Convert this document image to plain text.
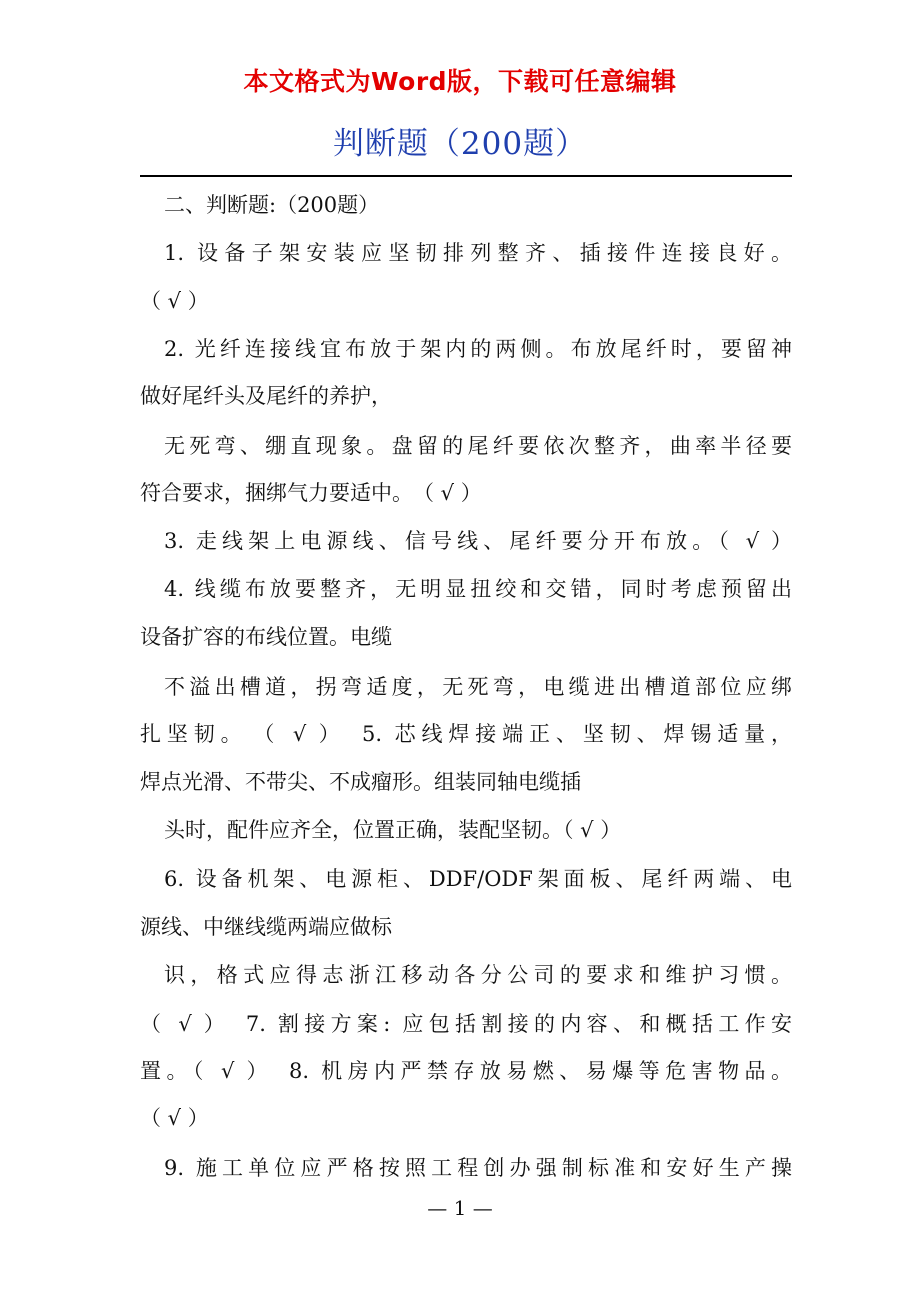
本文格式为Word版，下载可任意编辑
判断题（200题）
二、判断题:（200题）
1. 设备子架安装应坚韧排列整齐、插接件连接良好。
（ √ ）
2. 光纤连接线宜布放于架内的两侧。布放尾纤时，要留神
做好尾纤头及尾纤的养护，
无死弯、绷直现象。盘留的尾纤要依次整齐，曲率半径要
符合要求，捆绑气力要适中。　（ √ ）
3. 走线架上电源线、信号线、尾纤要分开布放。（ √ ）
4. 线缆布放要整齐，无明显扭绞和交错，同时考虑预留出
设备扩容的布线位置。电缆
不溢出槽道，拐弯适度，无死弯，电缆进出槽道部位应绑
扎坚韧。　（ √ ）　5. 芯线焊接端正、坚韧、焊锡适量，
焊点光滑、不带尖、不成瘤形。组装同轴电缆插
头时，配件应齐全，位置正确，装配坚韧。（ √ ）
6. 设备机架、电源柜、DDF/ODF架面板、尾纤两端、电
源线、中继线缆两端应做标
识，格式应得志浙江移动各分公司的要求和维护习惯。
（ √ ）　7. 割接方案: 应包括割接的内容、和概括工作安
置。（ √ ）　8. 机房内严禁存放易燃、易爆等危害物品。
（ √ ）
9. 施工单位应严格按照工程创办强制标准和安好生产操
— 1 —
